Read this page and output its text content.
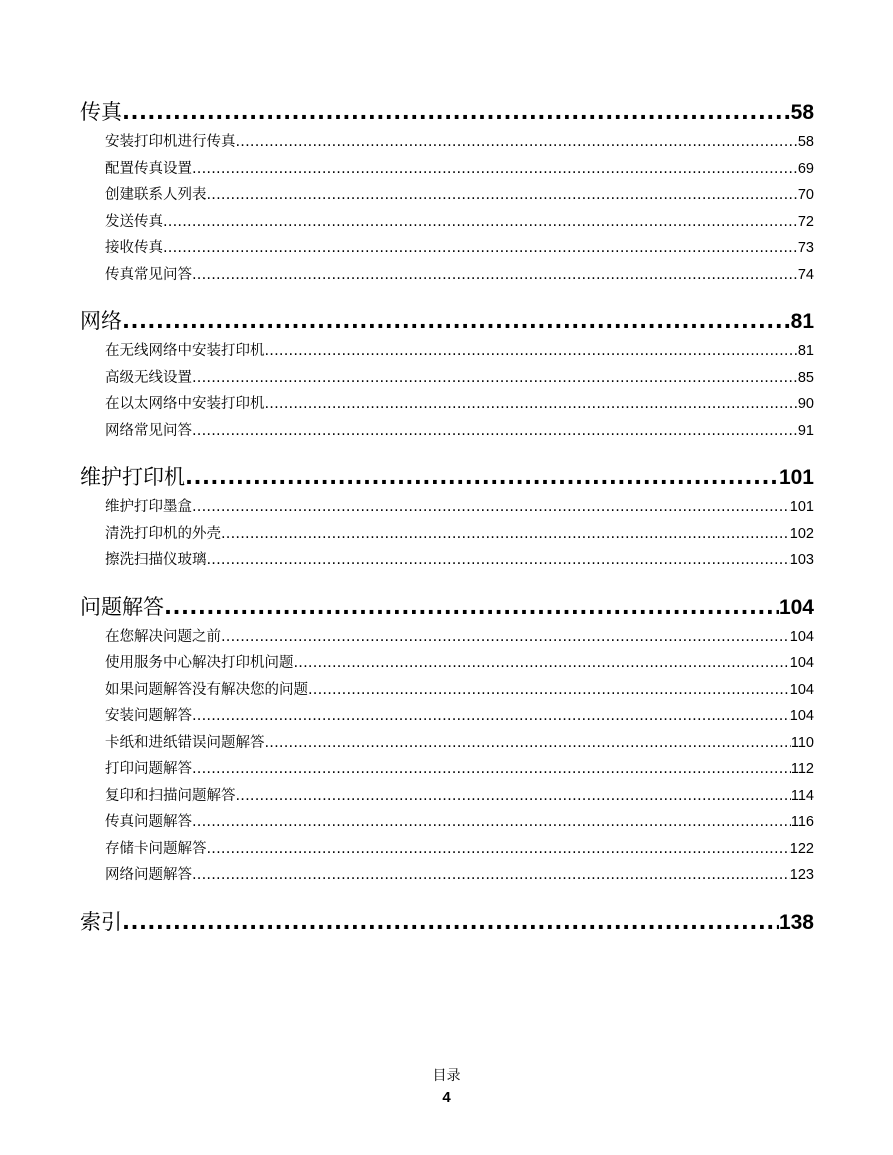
传真 .....	58
安装打印机进行传真 .....	58
配置传真设置 .....	69
创建联系人列表 .....	70
发送传真 .....	72
接收传真 .....	73
传真常见问答 .....	74
网络 .....	81
在无线网络中安装打印机 .....	81
高级无线设置 .....	85
在以太网络中安装打印机 .....	90
网络常见问答 .....	91
维护打印机 .....	101
维护打印墨盒 .....	101
清洗打印机的外壳 .....	102
擦洗扫描仪玻璃 .....	103
问题解答 .....	104
在您解决问题之前 .....	104
使用服务中心解决打印机问题 .....	104
如果问题解答没有解决您的问题 .....	104
安装问题解答 .....	104
卡纸和进纸错误问题解答 .....	110
打印问题解答 .....	112
复印和扫描问题解答 .....	114
传真问题解答 .....	116
存储卡问题解答 .....	122
网络问题解答 .....	123
索引 .....	138
目录
4
